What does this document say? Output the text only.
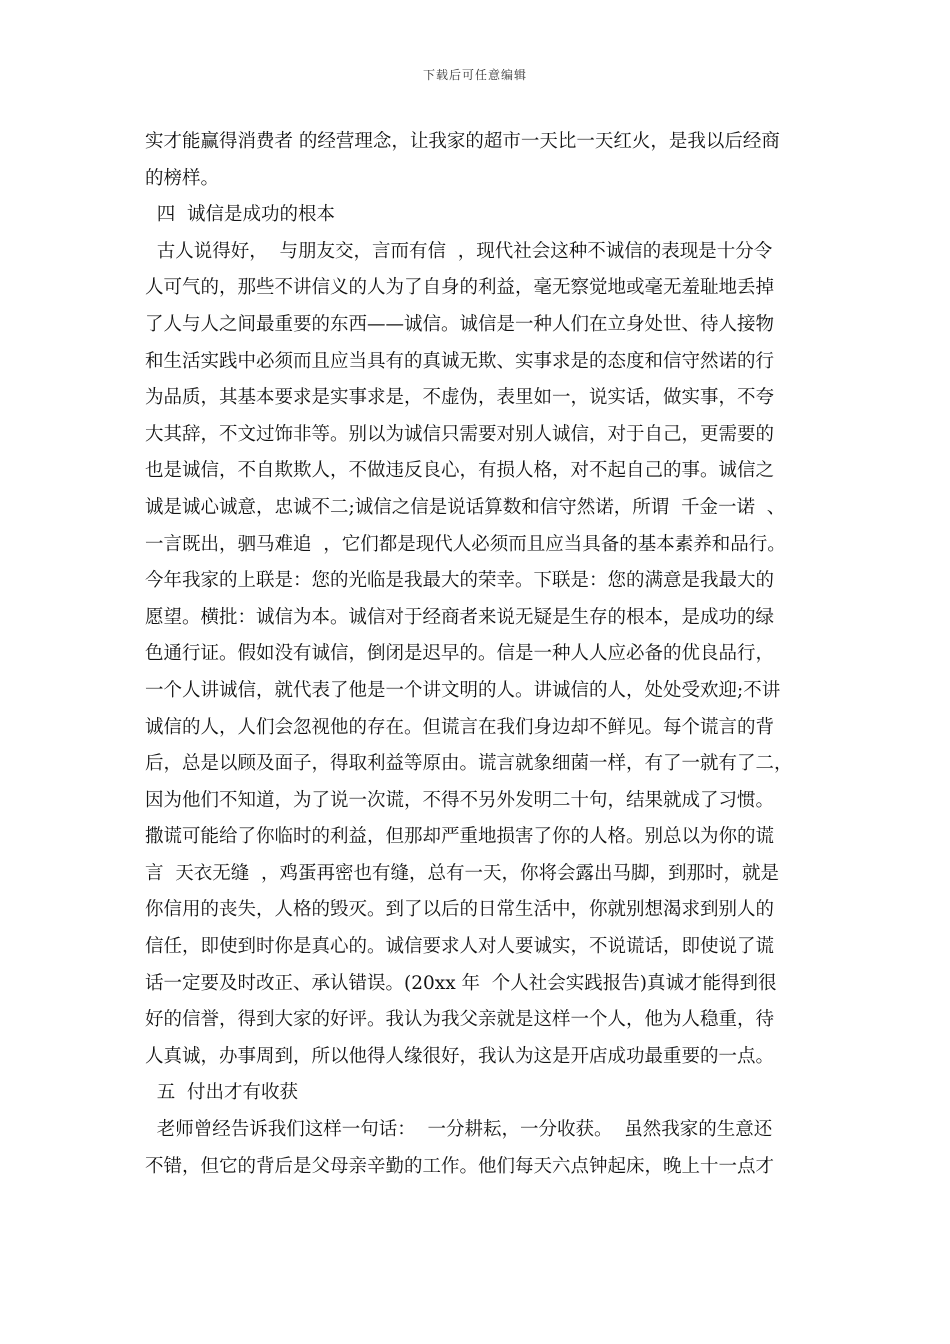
下载后可任意编辑
实才能赢得消费者 的经营理念，让我家的超市一天比一天红火，是我以后经商
的榜样。
四  诚信是成功的根本
古人说得好，  与朋友交，言而有信  ，现代社会这种不诚信的表现是十分令
人可气的，那些不讲信义的人为了自身的利益，毫无察觉地或毫无羞耻地丢掉
了人与人之间最重要的东西——诚信。诚信是一种人们在立身处世、待人接物
和生活实践中必须而且应当具有的真诚无欺、实事求是的态度和信守然诺的行
为品质，其基本要求是实事求是，不虚伪，表里如一，说实话，做实事，不夸
大其辞，不文过饰非等。别以为诚信只需要对别人诚信，对于自己，更需要的
也是诚信，不自欺欺人，不做违反良心，有损人格，对不起自己的事。诚信之
诚是诚心诚意，忠诚不二;诚信之信是说话算数和信守然诺，所谓  千金一诺  、
一言既出，驷马难追  ，它们都是现代人必须而且应当具备的基本素养和品行。
今年我家的上联是：您的光临是我最大的荣幸。下联是：您的满意是我最大的
愿望。横批：诚信为本。诚信对于经商者来说无疑是生存的根本，是成功的绿
色通行证。假如没有诚信，倒闭是迟早的。信是一种人人应必备的优良品行，
一个人讲诚信，就代表了他是一个讲文明的人。讲诚信的人，处处受欢迎;不讲
诚信的人，人们会忽视他的存在。但谎言在我们身边却不鲜见。每个谎言的背
后，总是以顾及面子，得取利益等原由。谎言就象细菌一样，有了一就有了二，
因为他们不知道，为了说一次谎，不得不另外发明二十句，结果就成了习惯。
撒谎可能给了你临时的利益，但那却严重地损害了你的人格。别总以为你的谎
言  天衣无缝  ，鸡蛋再密也有缝，总有一天，你将会露出马脚，到那时，就是
你信用的丧失，人格的毁灭。到了以后的日常生活中，你就别想渴求到别人的
信任，即使到时你是真心的。诚信要求人对人要诚实，不说谎话，即使说了谎
话一定要及时改正、承认错误。(20xx 年  个人社会实践报告)真诚才能得到很
好的信誉，得到大家的好评。我认为我父亲就是这样一个人，他为人稳重，待
人真诚，办事周到，所以他得人缘很好，我认为这是开店成功最重要的一点。
五  付出才有收获
老师曾经告诉我们这样一句话：  一分耕耘，一分收获。  虽然我家的生意还
不错，但它的背后是父母亲辛勤的工作。他们每天六点钟起床，晚上十一点才
